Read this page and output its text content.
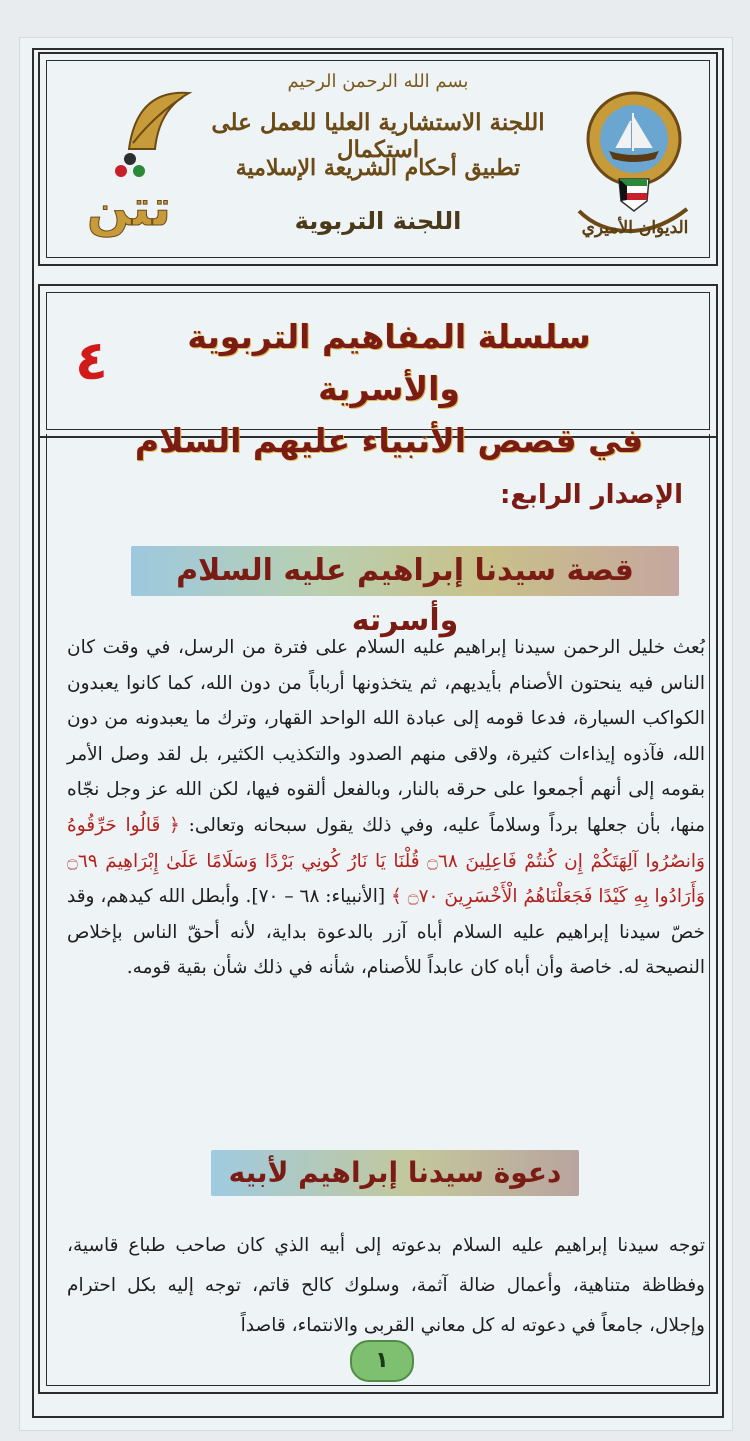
الديوان الأميري
تتن
بسم الله الرحمن الرحيم
اللجنة الاستشارية العليا للعمل على استكمال
تطبيق أحكام الشريعة الإسلامية
اللجنة التربوية
سلسلة المفاهيم التربوية والأسرية
في قصص الأنبياء عليهم السلام
٤
الإصدار الرابع:
قصة سيدنا إبراهيم عليه السلام وأسرته
بُعث خليل الرحمن سيدنا إبراهيم عليه السلام على فترة من الرسل، في وقت كان الناس فيه ينحتون الأصنام بأيديهم، ثم يتخذونها أرباباً من دون الله، كما كانوا يعبدون الكواكب السيارة، فدعا قومه إلى عبادة الله الواحد القهار، وترك ما يعبدونه من دون الله، فآذوه إيذاءات كثيرة، ولاقى منهم الصدود والتكذيب الكثير، بل لقد وصل الأمر بقومه إلى أنهم أجمعوا على حرقه بالنار، وبالفعل ألقوه فيها، لكن الله عز وجل نجّاه منها، بأن جعلها برداً وسلاماً عليه، وفي ذلك يقول سبحانه وتعالى: ﴿ قَالُوا حَرِّقُوهُ وَانصُرُوا آلِهَتَكُمْ إِن كُنتُمْ فَاعِلِينَ ۝٦٨ قُلْنَا يَا نَارُ كُونِي بَرْدًا وَسَلَامًا عَلَىٰ إِبْرَاهِيمَ ۝٦٩ وَأَرَادُوا بِهِ كَيْدًا فَجَعَلْنَاهُمُ الْأَخْسَرِينَ ۝٧٠ ﴾ [الأنبياء: ٦٨ – ٧٠]. وأبطل الله كيدهم، وقد خصّ سيدنا إبراهيم عليه السلام أباه آزر بالدعوة بداية، لأنه أحقّ الناس بإخلاص النصيحة له. خاصة وأن أباه كان عابداً للأصنام، شأنه في ذلك شأن بقية قومه.
دعوة سيدنا إبراهيم لأبيه
توجه سيدنا إبراهيم عليه السلام بدعوته إلى أبيه الذي كان صاحب طباع قاسية، وفظاظة متناهية، وأعمال ضالة آثمة، وسلوك كالح قاتم، توجه إليه بكل احترام وإجلال، جامعاً في دعوته له كل معاني القربى والانتماء، قاصداً
١
